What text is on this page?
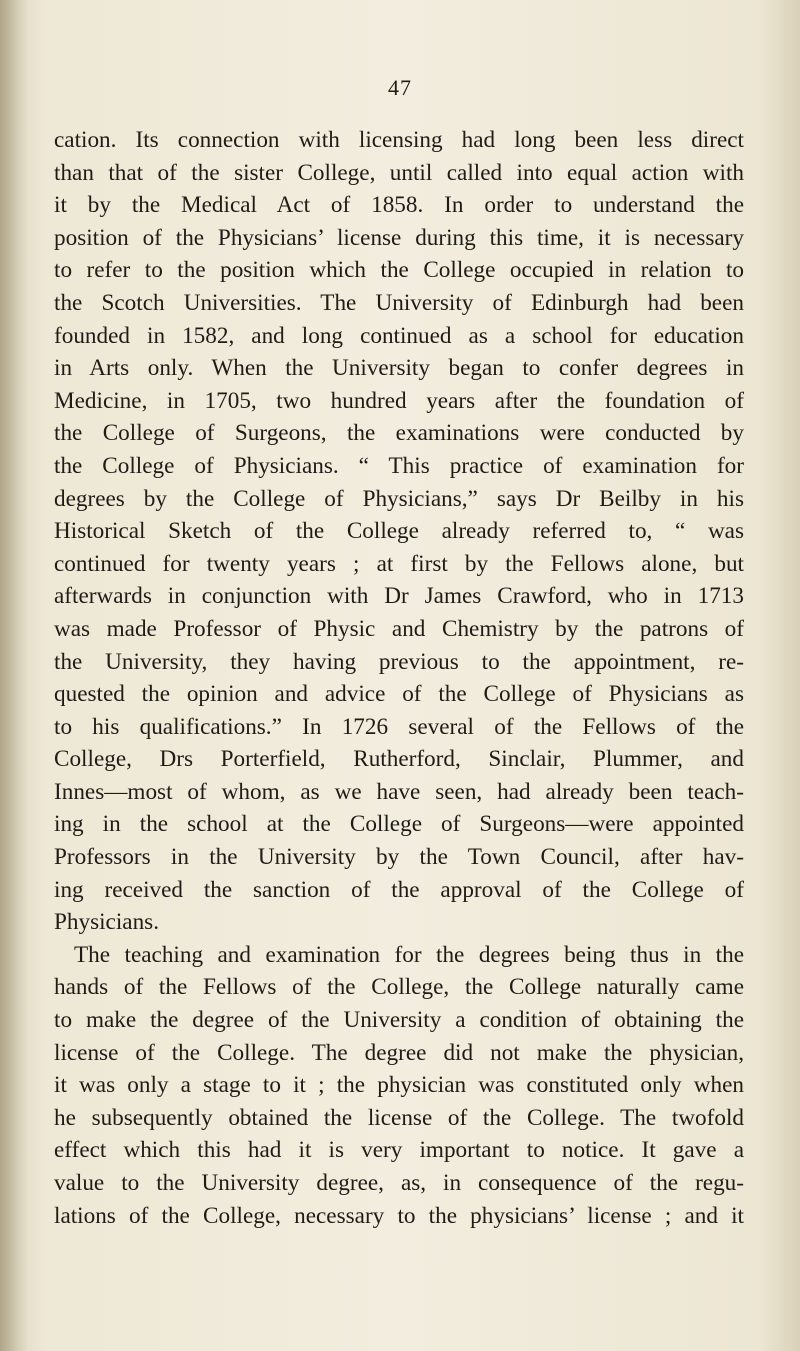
47
cation. Its connection with licensing had long been less direct
than that of the sister College, until called into equal action with
it by the Medical Act of 1858. In order to understand the
position of the Physicians’ license during this time, it is necessary
to refer to the position which the College occupied in relation to
the Scotch Universities. The University of Edinburgh had been
founded in 1582, and long continued as a school for education
in Arts only. When the University began to confer degrees in
Medicine, in 1705, two hundred years after the foundation of
the College of Surgeons, the examinations were conducted by
the College of Physicians. “ This practice of examination for
degrees by the College of Physicians,” says Dr Beilby in his
Historical Sketch of the College already referred to, “ was
continued for twenty years ; at first by the Fellows alone, but
afterwards in conjunction with Dr James Crawford, who in 1713
was made Professor of Physic and Chemistry by the patrons of
the University, they having previous to the appointment, re-
quested the opinion and advice of the College of Physicians as
to his qualifications.” In 1726 several of the Fellows of the
College, Drs Porterfield, Rutherford, Sinclair, Plummer, and
Innes—most of whom, as we have seen, had already been teach-
ing in the school at the College of Surgeons—were appointed
Professors in the University by the Town Council, after hav-
ing received the sanction of the approval of the College of
Physicians.
The teaching and examination for the degrees being thus in the
hands of the Fellows of the College, the College naturally came
to make the degree of the University a condition of obtaining the
license of the College. The degree did not make the physician,
it was only a stage to it ; the physician was constituted only when
he subsequently obtained the license of the College. The twofold
effect which this had it is very important to notice. It gave a
value to the University degree, as, in consequence of the regu-
lations of the College, necessary to the physicians’ license ; and it
